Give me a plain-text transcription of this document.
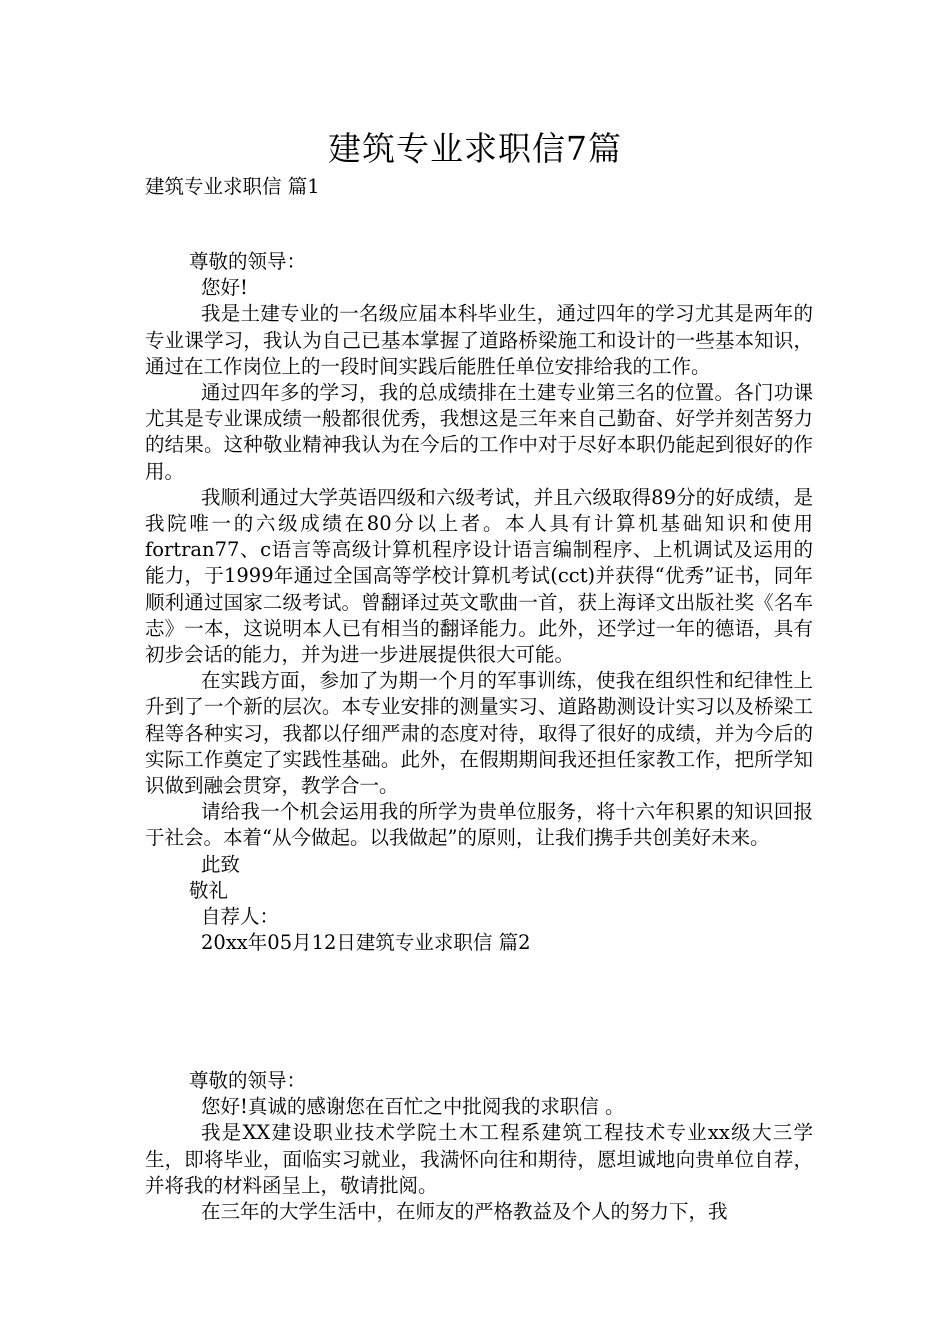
建筑专业求职信7篇
建筑专业求职信 篇1

尊敬的领导：

您好!

我是土建专业的一名级应届本科毕业生，通过四年的学习尤其是两年的专业课学习，我认为自己已基本掌握了道路桥梁施工和设计的一些基本知识，通过在工作岗位上的一段时间实践后能胜任单位安排给我的工作。

通过四年多的学习，我的总成绩排在土建专业第三名的位置。各门功课尤其是专业课成绩一般都很优秀，我想这是三年来自己勤奋、好学并刻苦努力的结果。这种敬业精神我认为在今后的工作中对于尽好本职仍能起到很好的作用。

我顺利通过大学英语四级和六级考试，并且六级取得89分的好成绩，是我院唯一的六级成绩在80分以上者。本人具有计算机基础知识和使用fortran77、c语言等高级计算机程序设计语言编制程序、上机调试及运用的能力，于1999年通过全国高等学校计算机考试(cct)并获得“优秀”证书，同年顺利通过国家二级考试。曾翻译过英文歌曲一首，获上海译文出版社奖《名车志》一本，这说明本人已有相当的翻译能力。此外，还学过一年的德语，具有初步会话的能力，并为进一步进展提供很大可能。

在实践方面，参加了为期一个月的军事训练，使我在组织性和纪律性上升到了一个新的层次。本专业安排的测量实习、道路勘测设计实习以及桥梁工程等各种实习，我都以仔细严肃的态度对待，取得了很好的成绩，并为今后的实际工作奠定了实践性基础。此外，在假期期间我还担任家教工作，把所学知识做到融会贯穿，教学合一。

请给我一个机会运用我的所学为贵单位服务，将十六年积累的知识回报于社会。本着“从今做起。以我做起”的原则，让我们携手共创美好未来。

此致

敬礼

自荐人：

20xx年05月12日建筑专业求职信 篇2

尊敬的领导：

您好!真诚的感谢您在百忙之中批阅我的求职信 。

我是XX建设职业技术学院土木工程系建筑工程技术专业xx级大三学生，即将毕业，面临实习就业，我满怀向往和期待，愿坦诚地向贵单位自荐，并将我的材料函呈上，敬请批阅。

在三年的大学生活中，在师友的严格教益及个人的努力下，我
